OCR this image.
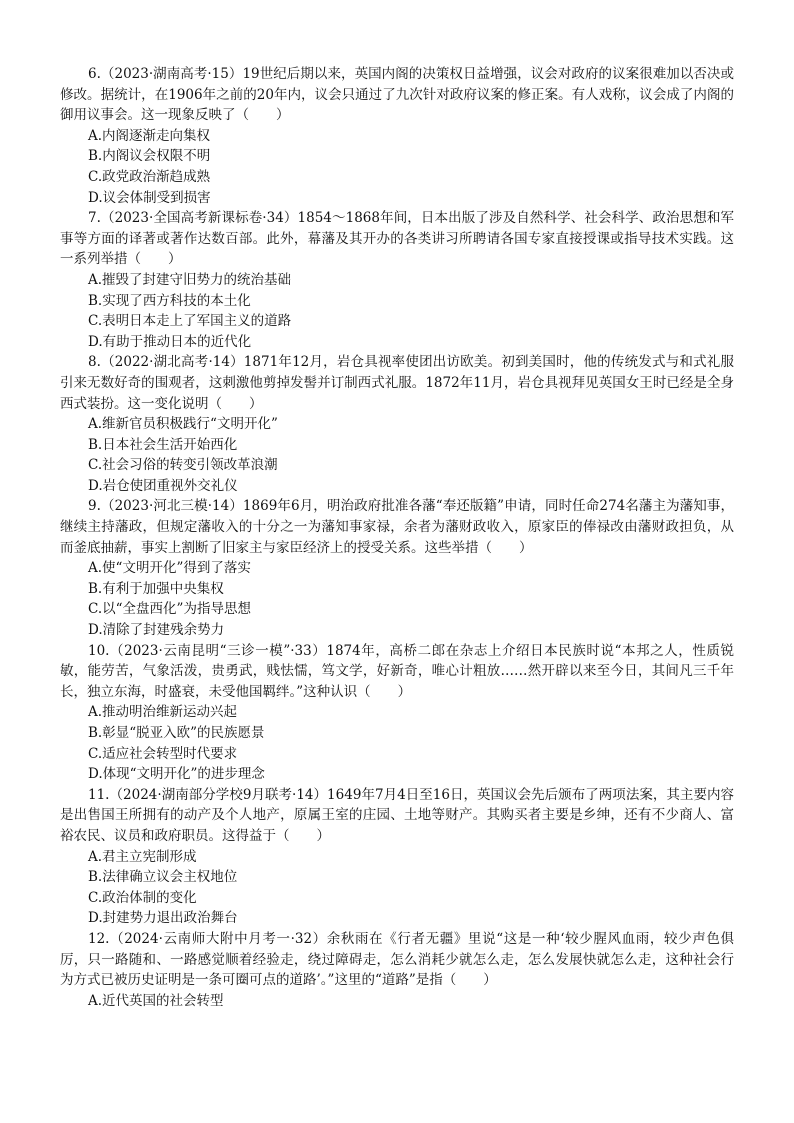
6.（2023·湖南高考·15）19世纪后期以来，英国内阁的决策权日益增强，议会对政府的议案很难加以否决或修改。据统计，在1906年之前的20年内，议会只通过了九次针对政府议案的修正案。有人戏称，议会成了内阁的御用议事会。这一现象反映了（　　）

A.内阁逐渐走向集权
B.内阁议会权限不明
C.政党政治渐趋成熟
D.议会体制受到损害

7.（2023·全国高考新课标卷·34）1854～1868年间，日本出版了涉及自然科学、社会科学、政治思想和军事等方面的译著或著作达数百部。此外，幕藩及其开办的各类讲习所聘请各国专家直接授课或指导技术实践。这一系列举措（　　）

A.摧毁了封建守旧势力的统治基础
B.实现了西方科技的本土化
C.表明日本走上了军国主义的道路
D.有助于推动日本的近代化

8.（2022·湖北高考·14）1871年12月，岩仓具视率使团出访欧美。初到美国时，他的传统发式与和式礼服引来无数好奇的围观者，这刺激他剪掉发髻并订制西式礼服。1872年11月，岩仓具视拜见英国女王时已经是全身西式装扮。这一变化说明（　　）

A.维新官员积极践行“文明开化”
B.日本社会生活开始西化
C.社会习俗的转变引领改革浪潮
D.岩仓使团重视外交礼仪

9.（2023·河北三模·14）1869年6月，明治政府批准各藩“奉还版籍”申请，同时任命274名藩主为藩知事，继续主持藩政，但规定藩收入的十分之一为藩知事家禄，余者为藩财政收入，原家臣的俸禄改由藩财政担负，从而釜底抽薪，事实上割断了旧家主与家臣经济上的授受关系。这些举措（　　）

A.使“文明开化”得到了落实
B.有利于加强中央集权
C.以“全盘西化”为指导思想
D.清除了封建残余势力

10.（2023·云南昆明“三诊一模”·33）1874年，高桥二郎在杂志上介绍日本民族时说“本邦之人，性质锐敏，能劳苦，气象活泼，贵勇武，贱怯懦，笃文学，好新奇，唯心计粗放……然开辟以来至今日，其间凡三千年长，独立东海，时盛衰，未受他国羁绊。”这种认识（　　）

A.推动明治维新运动兴起
B.彰显“脱亚入欧”的民族愿景
C.适应社会转型时代要求
D.体现“文明开化”的进步理念

11.（2024·湖南部分学校9月联考·14）1649年7月4日至16日，英国议会先后颁布了两项法案，其主要内容是出售国王所拥有的动产及个人地产，原属王室的庄园、土地等财产。其购买者主要是乡绅，还有不少商人、富裕农民、议员和政府职员。这得益于（　　）

A.君主立宪制形成
B.法律确立议会主权地位
C.政治体制的变化
D.封建势力退出政治舞台

12.（2024·云南师大附中月考一·32）余秋雨在《行者无疆》里说“这是一种‘较少腥风血雨，较少声色俱厉，只一路随和、一路感觉顺着经验走，绕过障碍走，怎么消耗少就怎么走，怎么发展快就怎么走，这种社会行为方式已被历史证明是一条可圈可点的道路’。”这里的“道路”是指（　　）

A.近代英国的社会转型
